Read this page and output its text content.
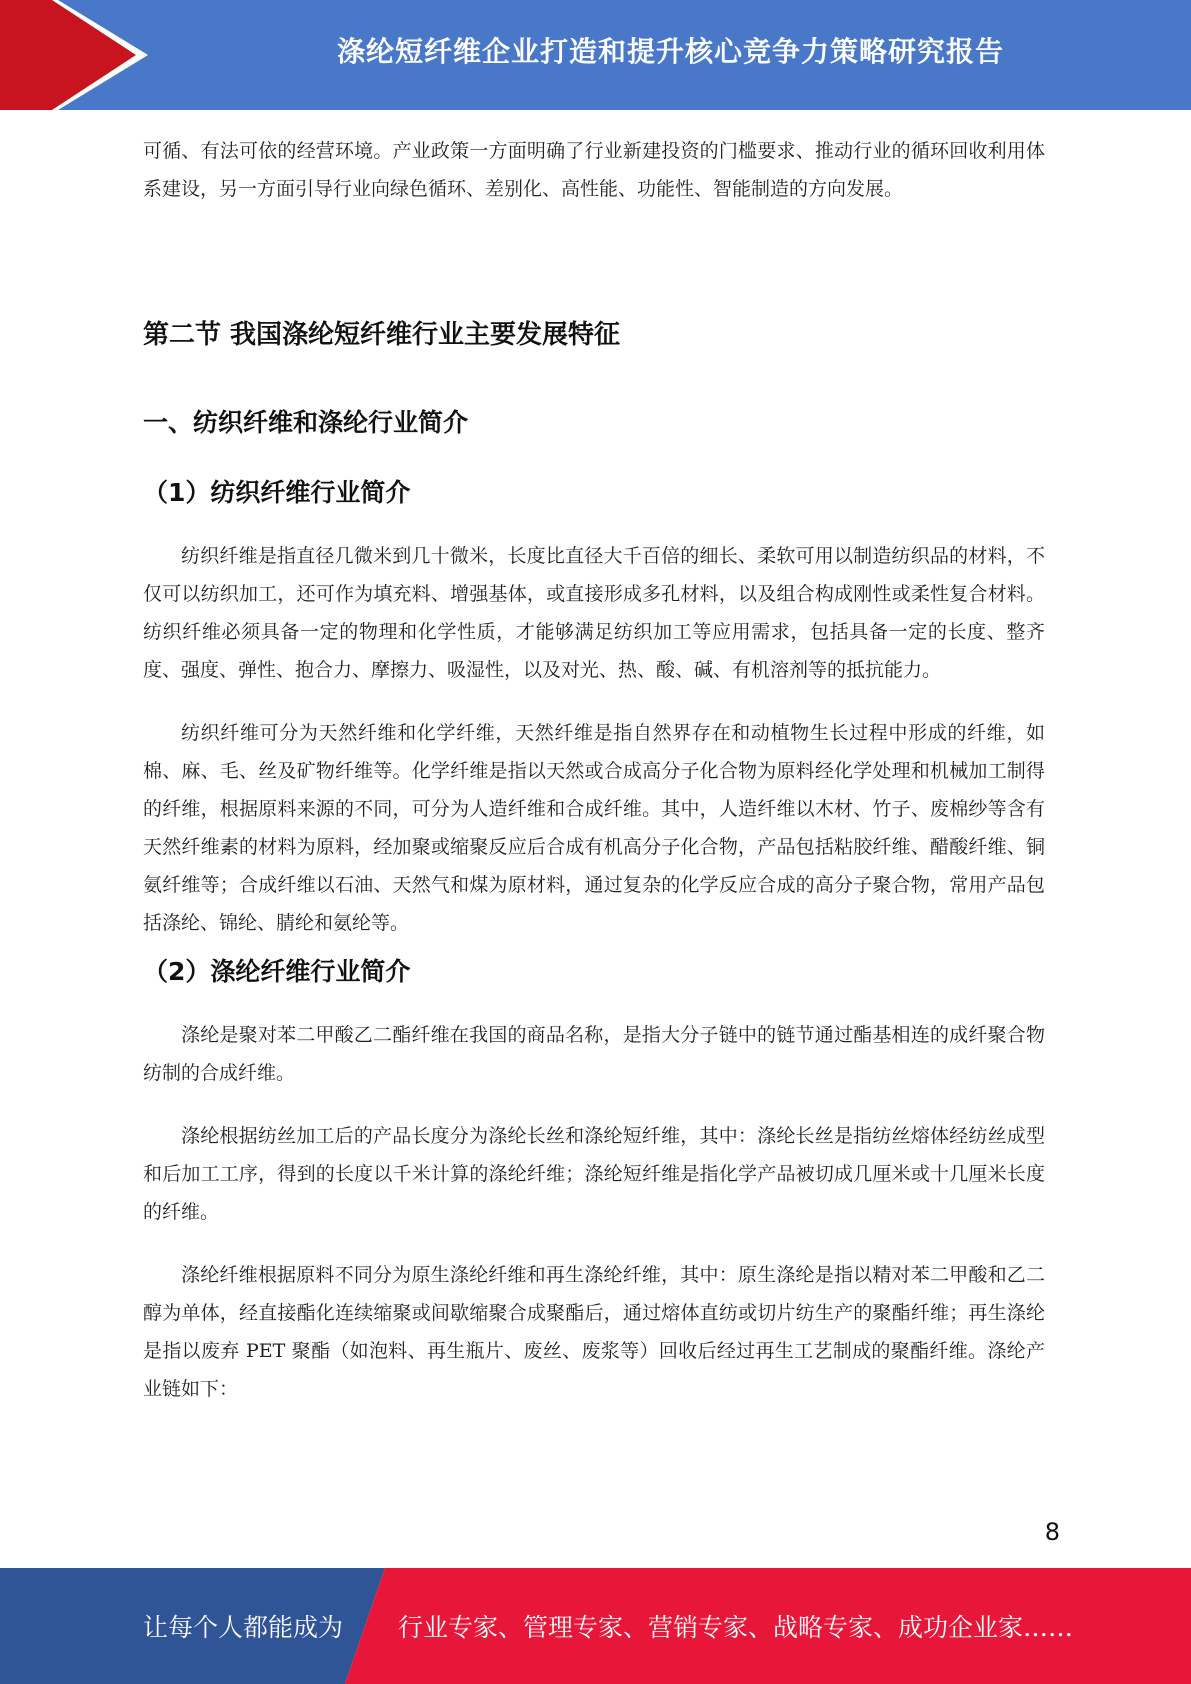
涤纶短纤维企业打造和提升核心竞争力策略研究报告

可循、有法可依的经营环境。产业政策一方面明确了行业新建投资的门槛要求、推动行业的循环回收利用体系建设，另一方面引导行业向绿色循环、差别化、高性能、功能性、智能制造的方向发展。

第二节 我国涤纶短纤维行业主要发展特征
一、纺织纤维和涤纶行业简介
（1）纺织纤维行业简介

纺织纤维是指直径几微米到几十微米，长度比直径大千百倍的细长、柔软可用以制造纺织品的材料，不仅可以纺织加工，还可作为填充料、增强基体，或直接形成多孔材料，以及组合构成刚性或柔性复合材料。纺织纤维必须具备一定的物理和化学性质，才能够满足纺织加工等应用需求，包括具备一定的长度、整齐度、强度、弹性、抱合力、摩擦力、吸湿性，以及对光、热、酸、碱、有机溶剂等的抵抗能力。

纺织纤维可分为天然纤维和化学纤维，天然纤维是指自然界存在和动植物生长过程中形成的纤维，如棉、麻、毛、丝及矿物纤维等。化学纤维是指以天然或合成高分子化合物为原料经化学处理和机械加工制得的纤维，根据原料来源的不同，可分为人造纤维和合成纤维。其中，人造纤维以木材、竹子、废棉纱等含有天然纤维素的材料为原料，经加聚或缩聚反应后合成有机高分子化合物，产品包括粘胶纤维、醋酸纤维、铜氨纤维等；合成纤维以石油、天然气和煤为原材料，通过复杂的化学反应合成的高分子聚合物，常用产品包括涤纶、锦纶、腈纶和氨纶等。

（2）涤纶纤维行业简介

涤纶是聚对苯二甲酸乙二酯纤维在我国的商品名称，是指大分子链中的链节通过酯基相连的成纤聚合物纺制的合成纤维。

涤纶根据纺丝加工后的产品长度分为涤纶长丝和涤纶短纤维，其中：涤纶长丝是指纺丝熔体经纺丝成型和后加工工序，得到的长度以千米计算的涤纶纤维；涤纶短纤维是指化学产品被切成几厘米或十几厘米长度的纤维。

涤纶纤维根据原料不同分为原生涤纶纤维和再生涤纶纤维，其中：原生涤纶是指以精对苯二甲酸和乙二醇为单体，经直接酯化连续缩聚或间歇缩聚合成聚酯后，通过熔体直纺或切片纺生产的聚酯纤维；再生涤纶是指以废弃 PET 聚酯（如泡料、再生瓶片、废丝、废浆等）回收后经过再生工艺制成的聚酯纤维。涤纶产业链如下：

8
让每个人都能成为 行业专家、管理专家、营销专家、战略专家、成功企业家……
